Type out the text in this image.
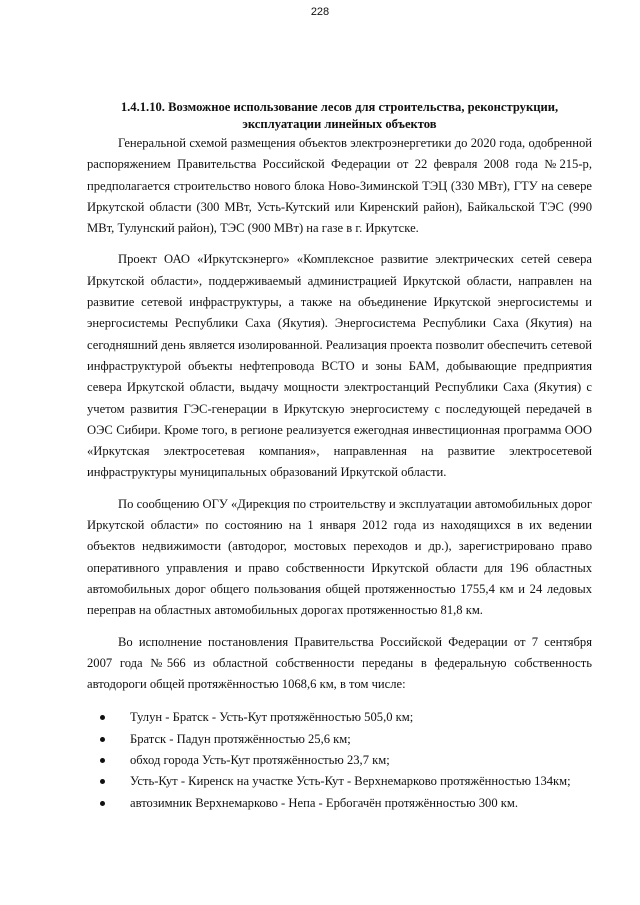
228
1.4.1.10. Возможное использование лесов для строительства, реконструкции,
эксплуатации линейных объектов

Генеральной схемой размещения объектов электроэнергетики до 2020 года, одобренной распоряжением Правительства Российской Федерации от 22 февраля 2008 года №215-р, предполагается строительство нового блока Ново-Зиминской ТЭЦ (330 МВт), ГТУ на севере Иркутской области (300 МВт, Усть-Кутский или Киренский район), Байкальской ТЭС (990 МВт, Тулунский район), ТЭС (900 МВт) на газе в г. Иркутске.

Проект ОАО «Иркутскэнерго» «Комплексное развитие электрических сетей севера Иркутской области», поддерживаемый администрацией Иркутской области, направлен на развитие сетевой инфраструктуры, а также на объединение Иркутской энергосистемы и энергосистемы Республики Саха (Якутия). Энергосистема Республики Саха (Якутия) на сегодняшний день является изолированной. Реализация проекта позволит обеспечить сетевой инфраструктурой объекты нефтепровода ВСТО и зоны БАМ, добывающие предприятия севера Иркутской области, выдачу мощности электростанций Республики Саха (Якутия) с учетом развития ГЭС-генерации в Иркутскую энергосистему с последующей передачей в ОЭС Сибири. Кроме того, в регионе реализуется ежегодная инвестиционная программа ООО «Иркутская электросетевая компания», направленная на развитие электросетевой инфраструктуры муниципальных образований Иркутской области.

По сообщению ОГУ «Дирекция по строительству и эксплуатации автомобильных дорог Иркутской области» по состоянию на 1 января 2012 года из находящихся в их ведении объектов недвижимости (автодорог, мостовых переходов и др.), зарегистрировано право оперативного управления и право собственности Иркутской области для 196 областных автомобильных дорог общего пользования общей протяженностью 1755,4 км и 24 ледовых переправ на областных автомобильных дорогах протяженностью 81,8 км.

Во исполнение постановления Правительства Российской Федерации от 7 сентября 2007 года №566 из областной собственности переданы в федеральную собственность автодороги общей протяжённостью 1068,6 км, в том числе:

Тулун - Братск - Усть-Кут протяжённостью 505,0 км;
Братск - Падун протяжённостью 25,6 км;
обход города Усть-Кут протяжённостью 23,7 км;
Усть-Кут - Киренск на участке Усть-Кут - Верхнемарково протяжённостью 134км;
автозимник Верхнемарково - Непа - Ербогачён протяжённостью 300 км.
